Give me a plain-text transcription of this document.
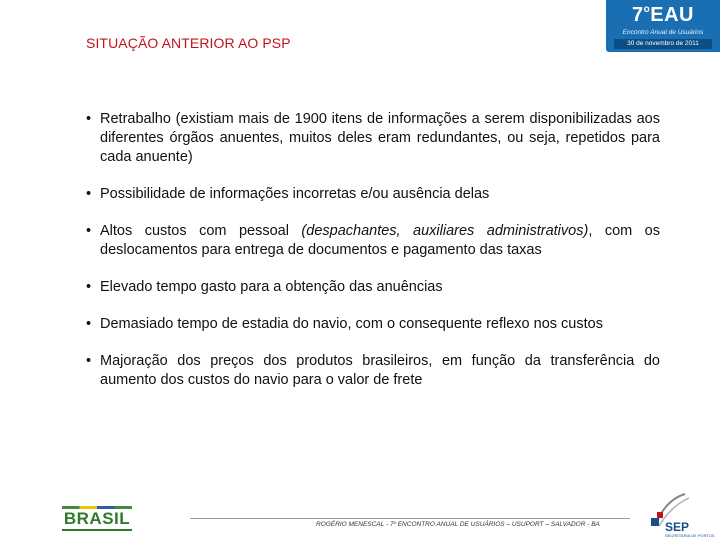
SITUAÇÃO ANTERIOR AO PSP
7$^o$EAU
Encontro Anual de Usuários
30 de novembro de 2011
• Retrabalho (existiam mais de 1900 itens de informações a serem disponibilizadas aos diferentes órgãos anuentes, muitos deles eram redundantes, ou seja, repetidos para cada anuente)
• Possibilidade de informações incorretas e/ou ausência delas
• Altos custos com pessoal (despachantes, auxiliares administrativos), com os deslocamentos para entrega de documentos e pagamento das taxas
• Elevado tempo gasto para a obtenção das anuências
• Demasiado tempo de estadia do navio, com o consequente reflexo nos custos
• Majoração dos preços dos produtos brasileiros, em função da transferência do aumento dos custos do navio para o valor de frete
BRASIL	ROGÉRIO MENESCAL - 7º ENCONTRO ANUAL DE USUÁRIOS – USUPORT – SALVADOR - BA	SEP
SECRETARIA DE PORTOS
